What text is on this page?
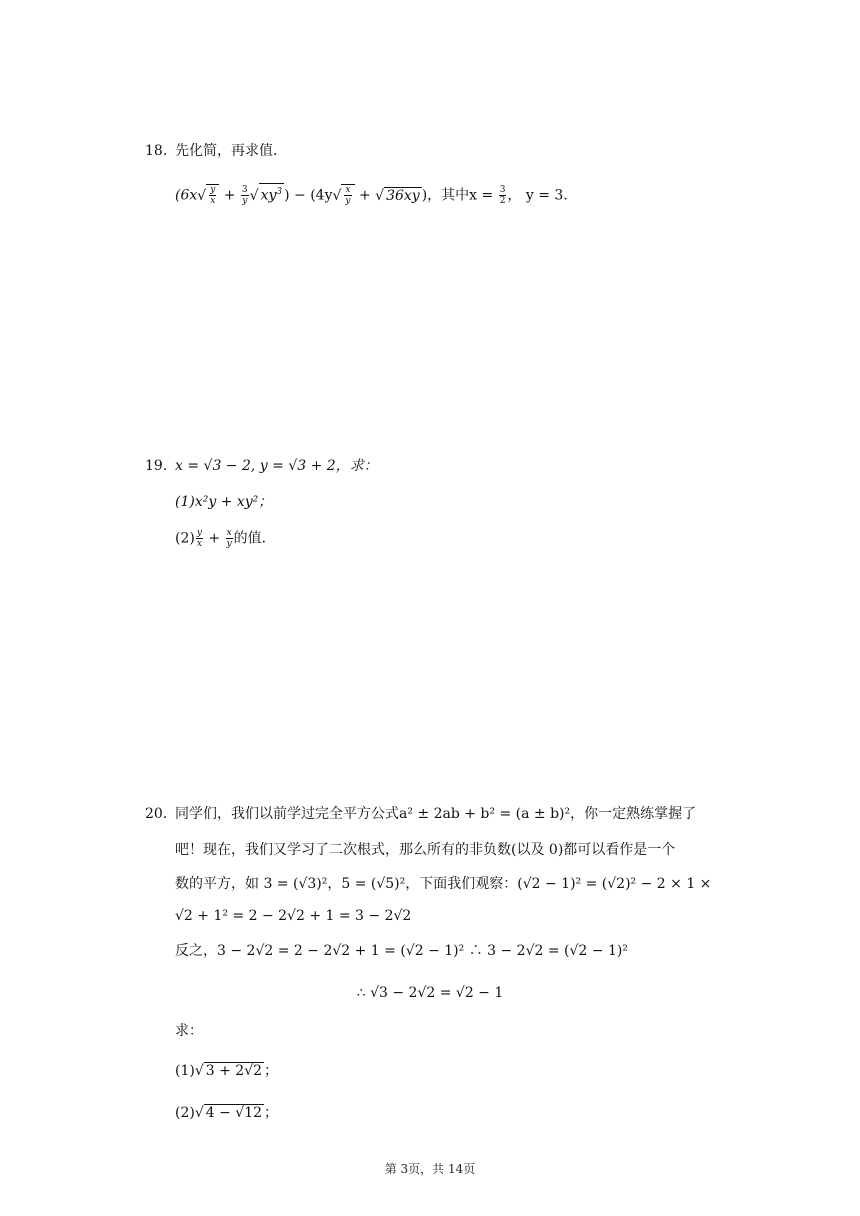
18. 先化简，再求值．
($6x√ \frac{y}{x} + \frac{3}{y}$ √ $xy^3$ ) − ($4y√ \frac{x}{y}$ + √ 36xy )，其中$x = \frac{3}{2}$ ， y = 3．
19. x = √3 − 2, y = √3 + 2，求：
(1)x²y + xy²；
$(2) \frac{y}{x} + \frac{x}{y}$ 的值．
20. 同学们，我们以前学过完全平方公式a² ± 2ab + b² = (a ± b)²，你一定熟练掌握了
吧！现在，我们又学习了二次根式，那么所有的非负数(以及 0)都可以看作是一个
数的平方，如 3 = (√3)²，5 = (√5)²，下面我们观察：(√2 − 1)² = (√2)² − 2 × 1 ×
√2 + 1² = 2 − 2√2 + 1 = 3 − 2√2
反之，3 − 2√2 = 2 − 2√2 + 1 = (√2 − 1)² ∴ 3 − 2√2 = (√2 − 1)²
∴ √3 − 2√2 = √2 − 1
求：
(1)√ 3 + 2√2 ；
(2)√ 4 − √12 ；
第 3页，共 14页
